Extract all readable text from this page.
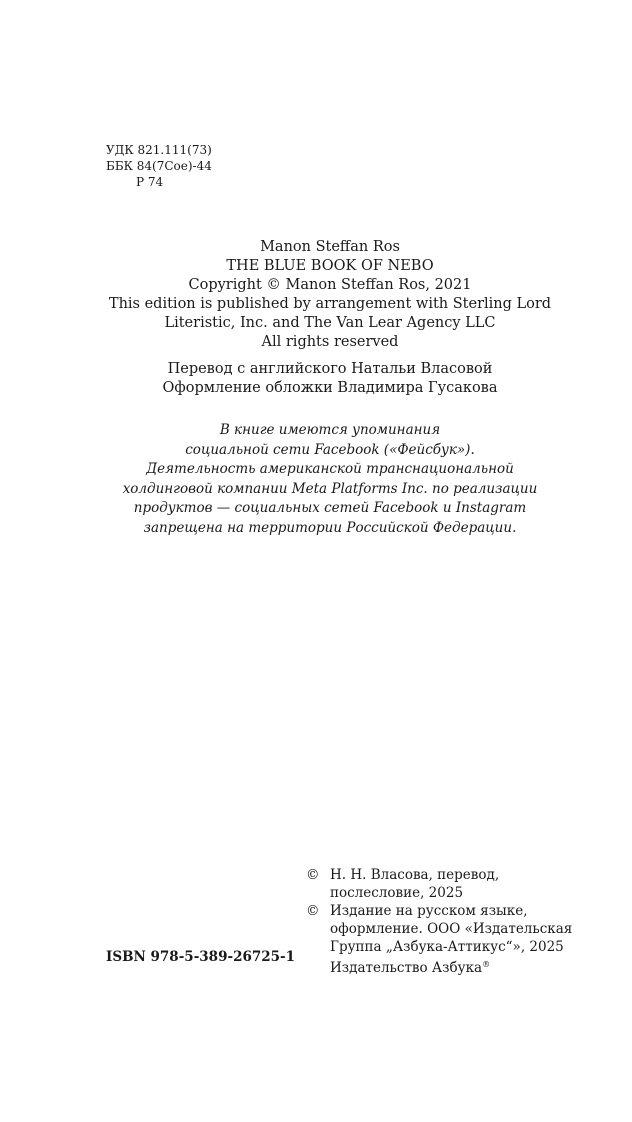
УДК 821.111(73)
ББК 84(7Сое)-44
Р 74
Manon Steffan Ros
THE BLUE BOOK OF NEBO
Copyright © Manon Steffan Ros, 2021
This edition is published by arrangement with Sterling Lord
Literistic, Inc. and The Van Lear Agency LLC
All rights reserved
Перевод с английского Натальи Власовой
Оформление обложки Владимира Гусакова
В книге имеются упоминания
социальной сети Facebook («Фейсбук»).
Деятельность американской транснациональной
холдинговой компании Meta Platforms Inc. по реализации
продуктов — социальных сетей Facebook и Instagram
запрещена на территории Российской Федерации.
ISBN 978-5-389-26725-1
© Н. Н. Власова, перевод,
послесловие, 2025
© Издание на русском языке,
оформление. ООО «Издательская
Группа „Азбука-Аттикус“», 2025
Издательство Азбука®
